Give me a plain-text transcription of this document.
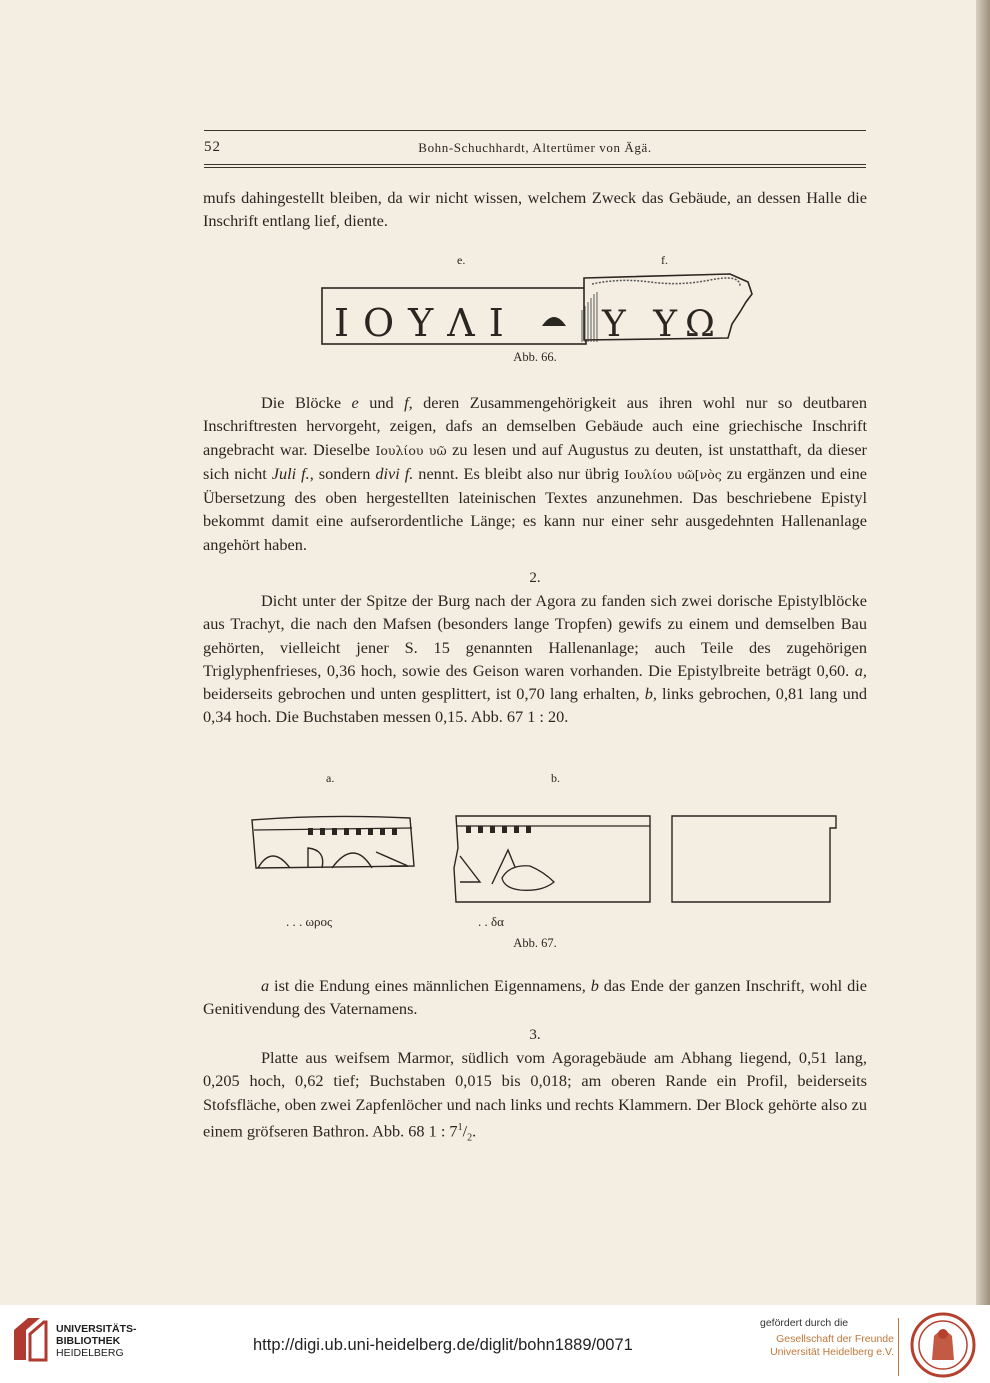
52	Bohn-Schuchhardt, Altertümer von Ägä.

mufs dahingestellt bleiben, da wir nicht wissen, welchem Zweck das Gebäude, an dessen Halle die Inschrift entlang lief, diente.

e.	f.
ΙΟΥΛΙ Υ ΥΩ
Abb. 66.

Die Blöcke e und f, deren Zusammengehörigkeit aus ihren wohl nur so deutbaren Inschriftresten hervorgeht, zeigen, dafs an demselben Gebäude auch eine griechische Inschrift angebracht war. Dieselbe Ιουλίου υῶ zu lesen und auf Augustus zu deuten, ist unstatthaft, da dieser sich nicht Juli f., sondern divi f. nennt. Es bleibt also nur übrig Ιουλίου υῶ[νὸς zu ergänzen und eine Übersetzung des oben hergestellten lateinischen Textes anzunehmen. Das beschriebene Epistyl bekommt damit eine aufserordentliche Länge; es kann nur einer sehr ausgedehnten Hallenanlage angehört haben.

2.

Dicht unter der Spitze der Burg nach der Agora zu fanden sich zwei dorische Epistylblöcke aus Trachyt, die nach den Mafsen (besonders lange Tropfen) gewifs zu einem und demselben Bau gehörten, vielleicht jener S. 15 genannten Hallenanlage; auch Teile des zugehörigen Triglyphenfrieses, 0,36 hoch, sowie des Geison waren vorhanden. Die Epistylbreite beträgt 0,60. a, beiderseits gebrochen und unten gesplittert, ist 0,70 lang erhalten, b, links gebrochen, 0,81 lang und 0,34 hoch. Die Buchstaben messen 0,15. Abb. 67 1 : 20.

a.	b.
. . . ωρος	. . δα
Abb. 67.

a ist die Endung eines männlichen Eigennamens, b das Ende der ganzen Inschrift, wohl die Genitivendung des Vaternamens.

3.

Platte aus weifsem Marmor, südlich vom Agoragebäude am Abhang liegend, 0,51 lang, 0,205 hoch, 0,62 tief; Buchstaben 0,015 bis 0,018; am oberen Rande ein Profil, beiderseits Stofsfläche, oben zwei Zapfenlöcher und nach links und rechts Klammern. Der Block gehörte also zu einem gröfseren Bathron. Abb. 68 1 : $7^1/_2$.

UNIVERSITÄTS-
BIBLIOTHEK
HEIDELBERG	http://digi.ub.uni-heidelberg.de/diglit/bohn1889/0071
gefördert durch die
Gesellschaft der Freunde
Universität Heidelberg e.V.
